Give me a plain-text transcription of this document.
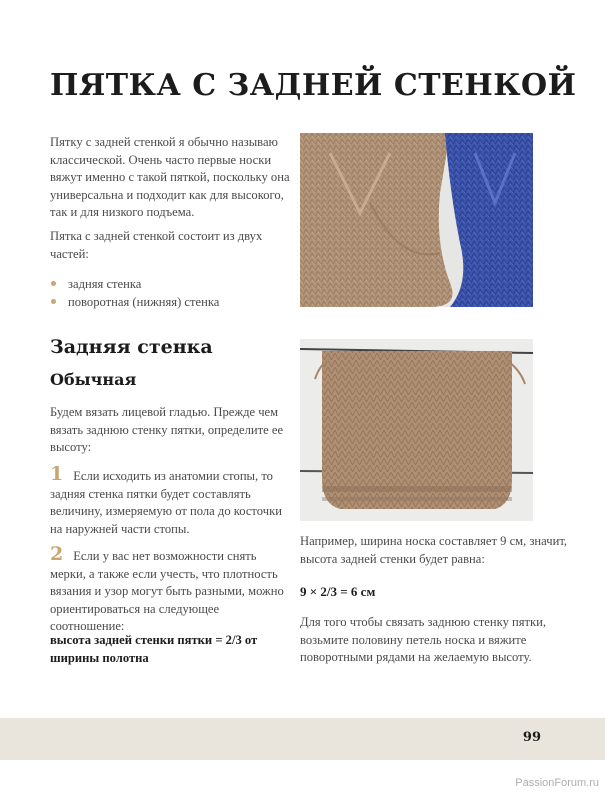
ПЯТКА С ЗАДНЕЙ СТЕНКОЙ

Пятку с задней стенкой я обычно называю классической. Очень часто первые носки вяжут именно с такой пяткой, поскольку она универсальна и подходит как для высокого, так и для низкого подъема.

Пятка с задней стенкой состоит из двух частей:

задняя стенка
поворотная (нижняя) стенка
Задняя стенка
Обычная

Будем вязать лицевой гладью. Прежде чем вязать заднюю стенку пятки, определите ее высоту:

1 Если исходить из анатомии стопы, то задняя стенка пятки будет составлять величину, измеряемую от пола до косточки на наружней части стопы.

2 Если у вас нет возможности снять мерки, а также если учесть, что плотность вязания и узор могут быть разными, можно ориентироваться на следующее соотношение:

высота задней стенки пятки = 2/3 от ширины полотна

Например, ширина носка составляет 9 см, значит, высота задней стенки будет равна:

9 × 2/3 = 6 см

Для того чтобы связать заднюю стенку пятки, возьмите половину петель носка и вяжите поворотными рядами на желаемую высоту.

99

PassionForum.ru
